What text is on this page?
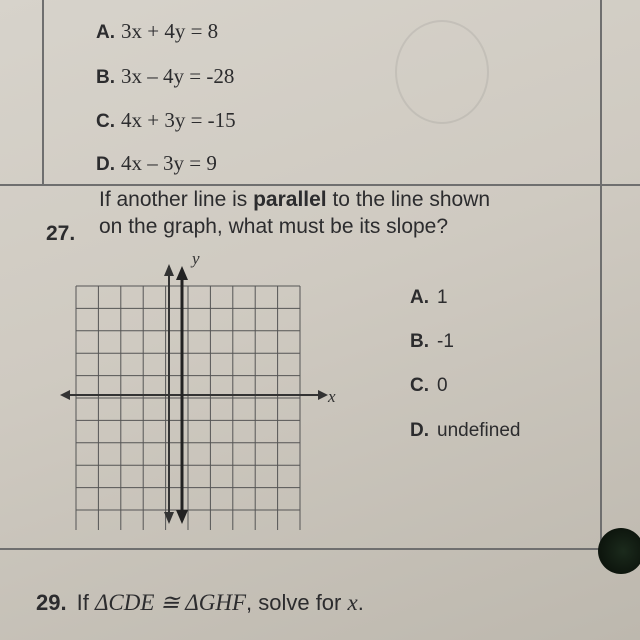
A. 3x + 4y = 8
B. 3x – 4y = -28
C. 4x + 3y = -15
D. 4x – 3y = 9
27.
If another line is parallel to the line shown
on the graph, what must be its slope?
y
x
A. 1
B. -1
C. 0
D. undefined
29. If ΔCDE ≅ ΔGHF, solve for x.
